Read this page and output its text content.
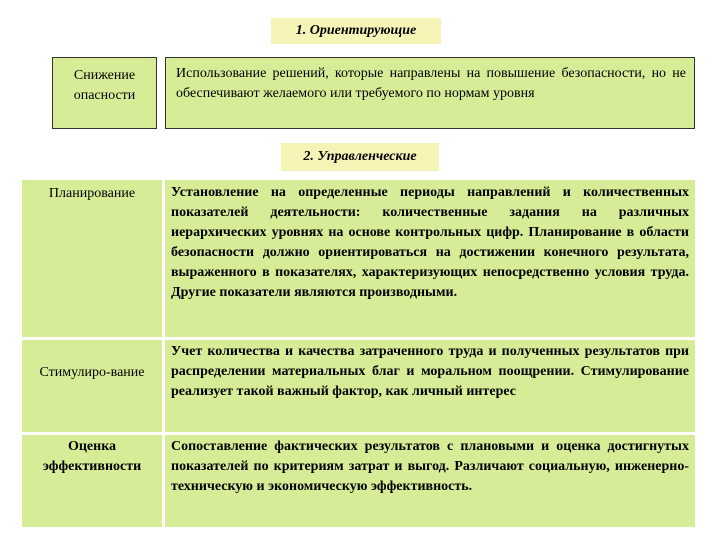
1. Ориентирующие
Снижение опасности
Использование решений, которые направлены на повышение безопасности, но не обеспечивают желаемого или требуемого по нормам уровня
2. Управленческие
Планирование	Установление на определенные периоды направлений и количественных показателей деятельности: количественные задания на различных иерархических уровнях на основе контрольных цифр. Планирование в области безопасности должно ориентироваться на достижении конечного результата, выраженного в показателях, характеризующих непосредственно условия труда. Другие показатели являются производными.
Стимулиро-вание
Учет количества и качества затраченного труда и полученных результатов при распределении материальных благ и моральном поощрении. Стимулирование реализует такой важный фактор, как личный интерес
Оценка эффективности
Сопоставление фактических результатов с плановыми и оценка достигнутых показателей по критериям затрат и выгод. Различают социальную, инженерно-техническую и экономическую эффективность.
